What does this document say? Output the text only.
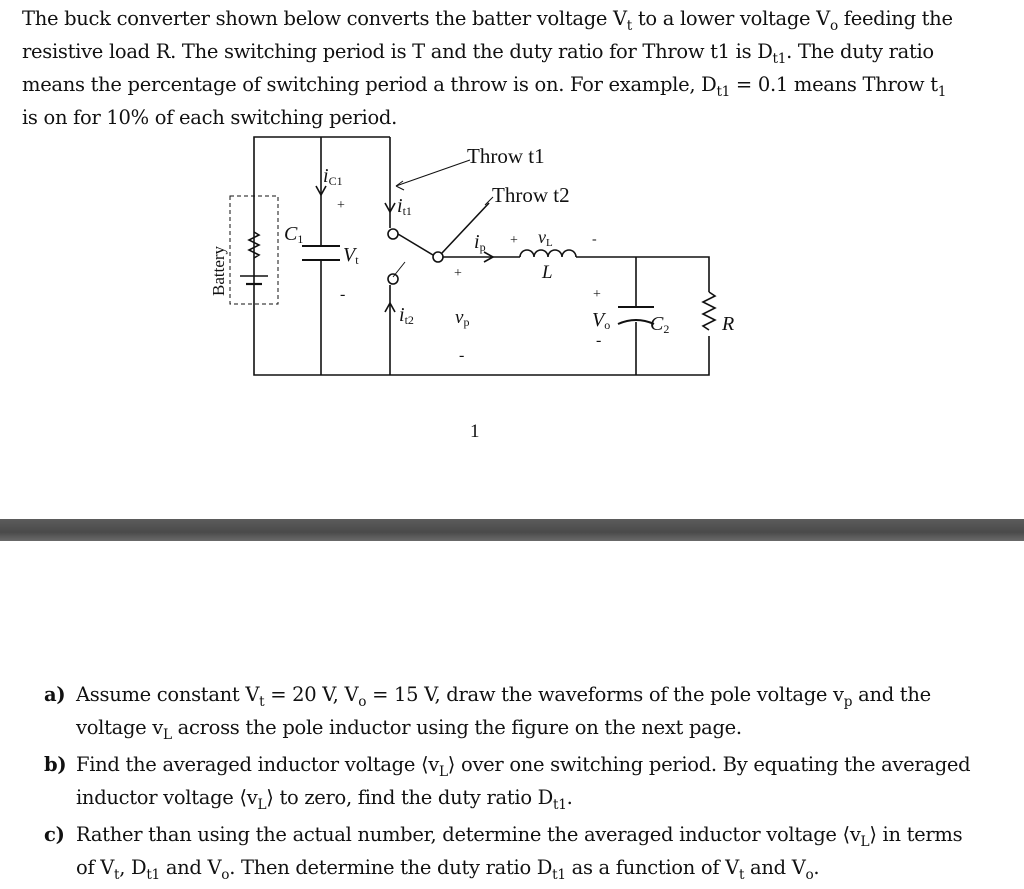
The buck converter shown below converts the batter voltage $V_t$ to a lower voltage $V_o$ feeding the
resistive load R. The switching period is T and the duty ratio for Throw t1 is $D_{t1}$. The duty ratio
means the percentage of switching period a throw is on. For example, $D_{t1} = 0.1$ means Throw $t_1$
is on for 10% of each switching period.
Battery
Throw t1
Throw t2
iC1
+	it1
C1
Vt
-
it2
ip
+
vp
-
+ vL	-
L
+
Vo
-
C2	R
1
a) Assume constant $V_t = 20$ V, $V_o = 15$ V, draw the waveforms of the pole voltage $v_p$ and the
voltage $v_L$ across the pole inductor using the figure on the next page.
b) Find the averaged inductor voltage $⟨v_L⟩$ over one switching period. By equating the averaged
inductor voltage $⟨v_L⟩$ to zero, find the duty ratio $D_{t1}$.
c) Rather than using the actual number, determine the averaged inductor voltage $⟨v_L⟩$ in terms
of $V_t$, $D_{t1}$ and $V_o$. Then determine the duty ratio $D_{t1}$ as a function of $V_t$ and $V_o$.
